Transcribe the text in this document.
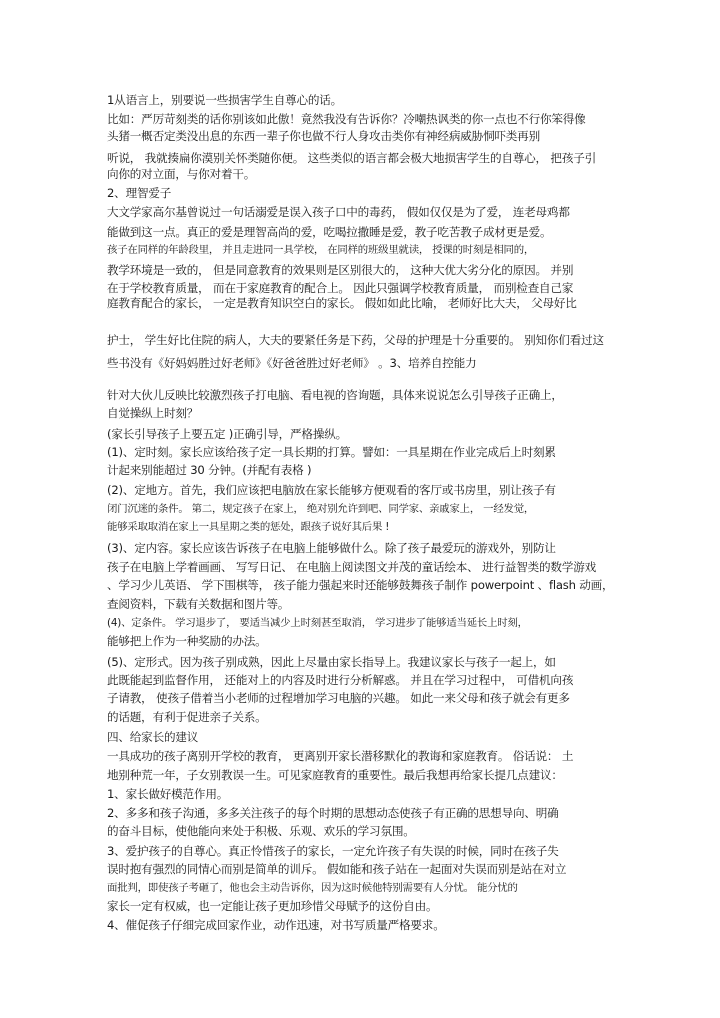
1从语言上，别要说一些损害学生自尊心的话。
比如：严厉苛刻类的话你别该如此傲！竟然我没有告诉你？冷嘲热讽类的你一点也不行你笨得像
头猪一概否定类没出息的东西一辈子你也做不行人身攻击类你有神经病威胁恫吓类再别
听说， 我就揍扁你漠别关怀类随你便。 这些类似的语言都会极大地损害学生的自尊心， 把孩子引
向你的对立面，与你对着干。
2、理智爱子
大文学家高尔基曾说过一句话溺爱是误入孩子口中的毒药， 假如仅仅是为了爱， 连老母鸡都
能做到这一点。真正的爱是理智高尚的爱，吃喝拉撒睡是爱，教子吃苦教子成材更是爱。
孩子在同样的年龄段里， 并且走进同一具学校， 在同样的班级里就读， 授课的时刻是相同的，
教学环境是一致的， 但是同意教育的效果则是区别很大的， 这种大优大劣分化的原因。 并别
在于学校教育质量， 而在于家庭教育的配合上。 因此只强调学校教育质量， 而别检查自己家
庭教育配合的家长， 一定是教育知识空白的家长。 假如如此比喻， 老师好比大夫， 父母好比
护士， 学生好比住院的病人，大夫的要紧任务是下药，父母的护理是十分重要的。 别知你们看过这
些书没有《好妈妈胜过好老师》《好爸爸胜过好老师》 。3、培养自控能力
针对大伙儿反映比较激烈孩子打电脑、看电视的咨询题，具体来说说怎么引导孩子正确上，
自觉操纵上时刻？
(家长引导孩子上要五定 )正确引导，严格操纵。
(1)、定时刻。家长应该给孩子定一具长期的打算。譬如：一具星期在作业完成后上时刻累
计起来别能超过 30 分钟。(并配有表格 )
(2)、定地方。首先，我们应该把电脑放在家长能够方便观看的客厅或书房里，别让孩子有
闭门沉迷的条件。 第二，规定孩子在家上， 绝对别允许到吧、同学家、亲戚家上， 一经发觉，
能够采取取消在家上一具星期之类的惩处，跟孩子说好其后果 !
(3)、定内容。家长应该告诉孩子在电脑上能够做什么。除了孩子最爱玩的游戏外，别防让
孩子在电脑上学着画画、 写写日记、 在电脑上阅读图文并茂的童话绘本、 进行益智类的数学游戏
、学习少儿英语、 学下围棋等， 孩子能力强起来时还能够鼓舞孩子制作 powerpoint 、flash 动画，
查阅资料，下载有关数据和图片等。
(4)、定条件。 学习退步了， 要适当减少上时刻甚至取消， 学习进步了能够适当延长上时刻，
能够把上作为一种奖励的办法。
(5)、定形式。因为孩子别成熟，因此上尽量由家长指导上。我建议家长与孩子一起上，如
此既能起到监督作用， 还能对上的内容及时进行分析解惑。 并且在学习过程中， 可借机向孩
子请教， 使孩子借着当小老师的过程增加学习电脑的兴趣。 如此一来父母和孩子就会有更多
的话题，有利于促进亲子关系。
四、给家长的建议
一具成功的孩子离别开学校的教育， 更离别开家长潜移默化的教诲和家庭教育。 俗话说： 土
地别种荒一年，子女别教误一生。可见家庭教育的重要性。最后我想再给家长提几点建议：
1、家长做好模范作用。
2、多多和孩子沟通，多多关注孩子的每个时期的思想动态使孩子有正确的思想导向、明确
的奋斗目标，使他能向来处于积极、乐观、欢乐的学习氛围。
3、爱护孩子的自尊心。真正怜惜孩子的家长，一定允许孩子有失误的时候，同时在孩子失
误时抱有强烈的同情心而别是简单的训斥。 假如能和孩子站在一起面对失误而别是站在对立
面批判，即使孩子考砸了，他也会主动告诉你，因为这时候他特别需要有人分忧。 能分忧的
家长一定有权威，也一定能让孩子更加珍惜父母赋予的这份自由。
4、催促孩子仔细完成回家作业，动作迅速，对书写质量严格要求。
